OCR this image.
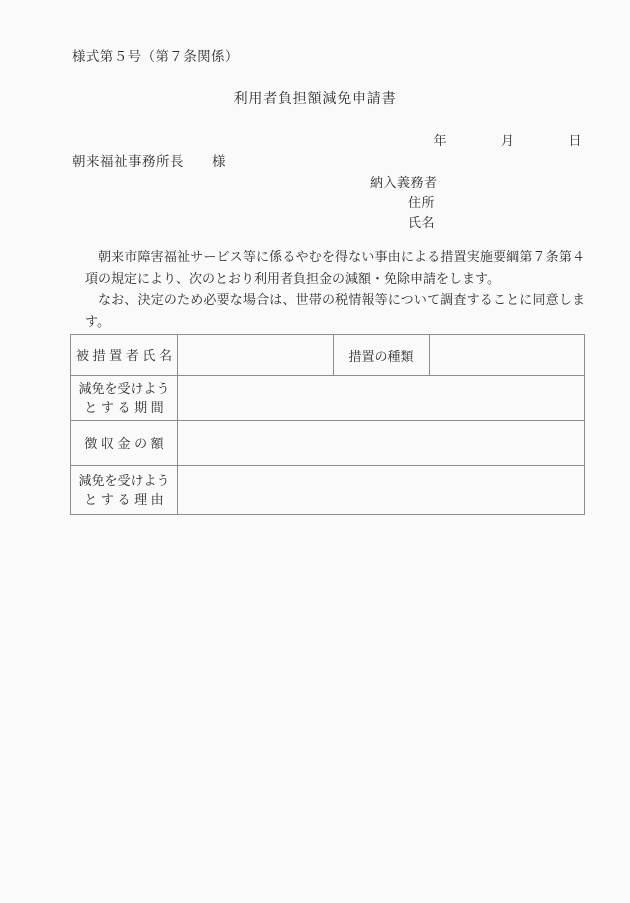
様式第５号（第７条関係）
利用者負担額減免申請書
年　　　　月　　　　日
朝来福祉事務所長　　様
納入義務者
住所
氏名

朝来市障害福祉サービス等に係るやむを得ない事由による措置実施要綱第７条第４項の規定により、次のとおり利用者負担金の減額・免除申請をします。

なお、決定のため必要な場合は、世帯の税情報等について調査することに同意します。

被措置者氏名		措置の種類	

減免を受けよう
とする期間			

徴収金の額			

減免を受けよう
とする理由			
